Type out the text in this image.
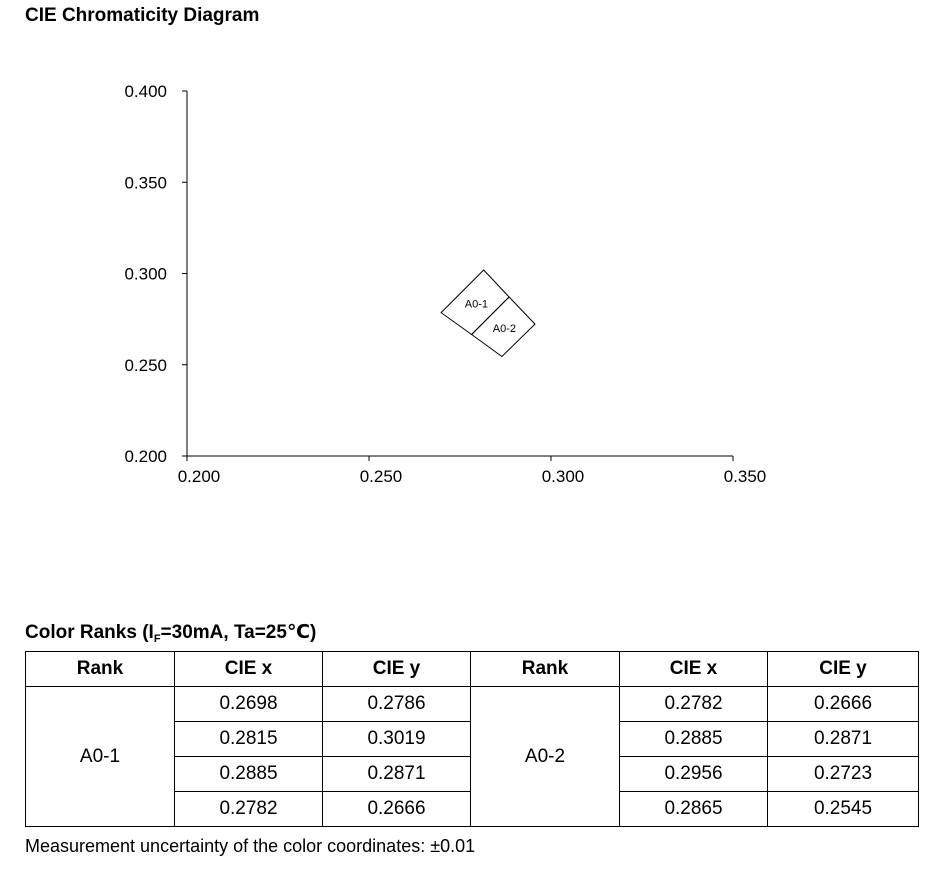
CIE Chromaticity Diagram
0.200
0.250
0.300
0.350
0.400
0.200	0.250	0.300	0.350
A0-1
A0-2
Color Ranks ($I_F=30mA$, Ta=25℃)
Rank	CIE x	CIE y	Rank	CIE x	CIE y
A0-1	0.2698	0.2786	A0-2	0.2782	0.2666
	0.2815	0.3019		0.2885	0.2871
	0.2885	0.2871		0.2956	0.2723
	0.2782	0.2666		0.2865	0.2545
Measurement uncertainty of the color coordinates: ±0.01
